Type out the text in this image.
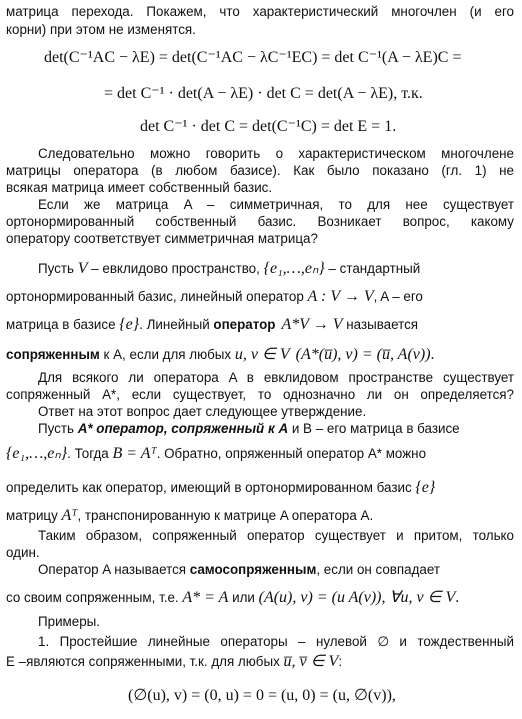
матрица перехода. Покажем, что характеристический многочлен (и его
корни) при этом не изменятся.
det(C⁻¹AC − λE) = det(C⁻¹AC − λC⁻¹EC) = det C⁻¹(A − λE)C =
= det C⁻¹ · det(A − λE) · det C = det(A − λE), т.к.
det C⁻¹ · det C = det(C⁻¹C) = det E = 1.
Следовательно можно говорить о характеристическом многочлене
матрицы оператора (в любом базисе). Как было показано (гл. 1) не
всякая матрица имеет собственный базис.
Если же матрица A – симметричная, то для нее существует
ортонормированный собственный базис. Возникает вопрос, какому
оператору соответствует симметричная матрица?
Пусть V – евклидово пространство, {e₁,…,eₙ} – стандартный
ортонормированный базис, линейный оператор A : V → V, A – его
матрица в базисе {e}. Линейный оператор A*V → V называется
сопряженным к A, если для любых u, v ∈ V (A*(u̅), v) = (u̅, A(v)).
Для всякого ли оператора A в евклидовом пространстве существует
сопряженный A*, если существует, то однозначно ли он определяется?
Ответ на этот вопрос дает следующее утверждение.
Пусть A* оператор, сопряженный к A и B – его матрица в базисе
{e₁,…,eₙ}. Тогда B = Aᵀ. Обратно, опряженный оператор A* можно
определить как оператор, имеющий в ортонормированном базис {e}
матрицу Aᵀ, транспонированную к матрице A оператора A.
Таким образом, сопряженный оператор существует и притом, только
один.
Оператор A называется самосопряженным, если он совпадает
со своим сопряженным, т.е. A* = A или (A(u), v) = (u A(v)), ∀u, v ∈ V.
Примеры.
1. Простейшие линейные операторы – нулевой ∅ и тождественный
E –являются сопряженными, т.к. для любых u̅, v̅ ∈ V:
(∅(u), v) = (0, u) = 0 = (u, 0) = (u, ∅(v)),
